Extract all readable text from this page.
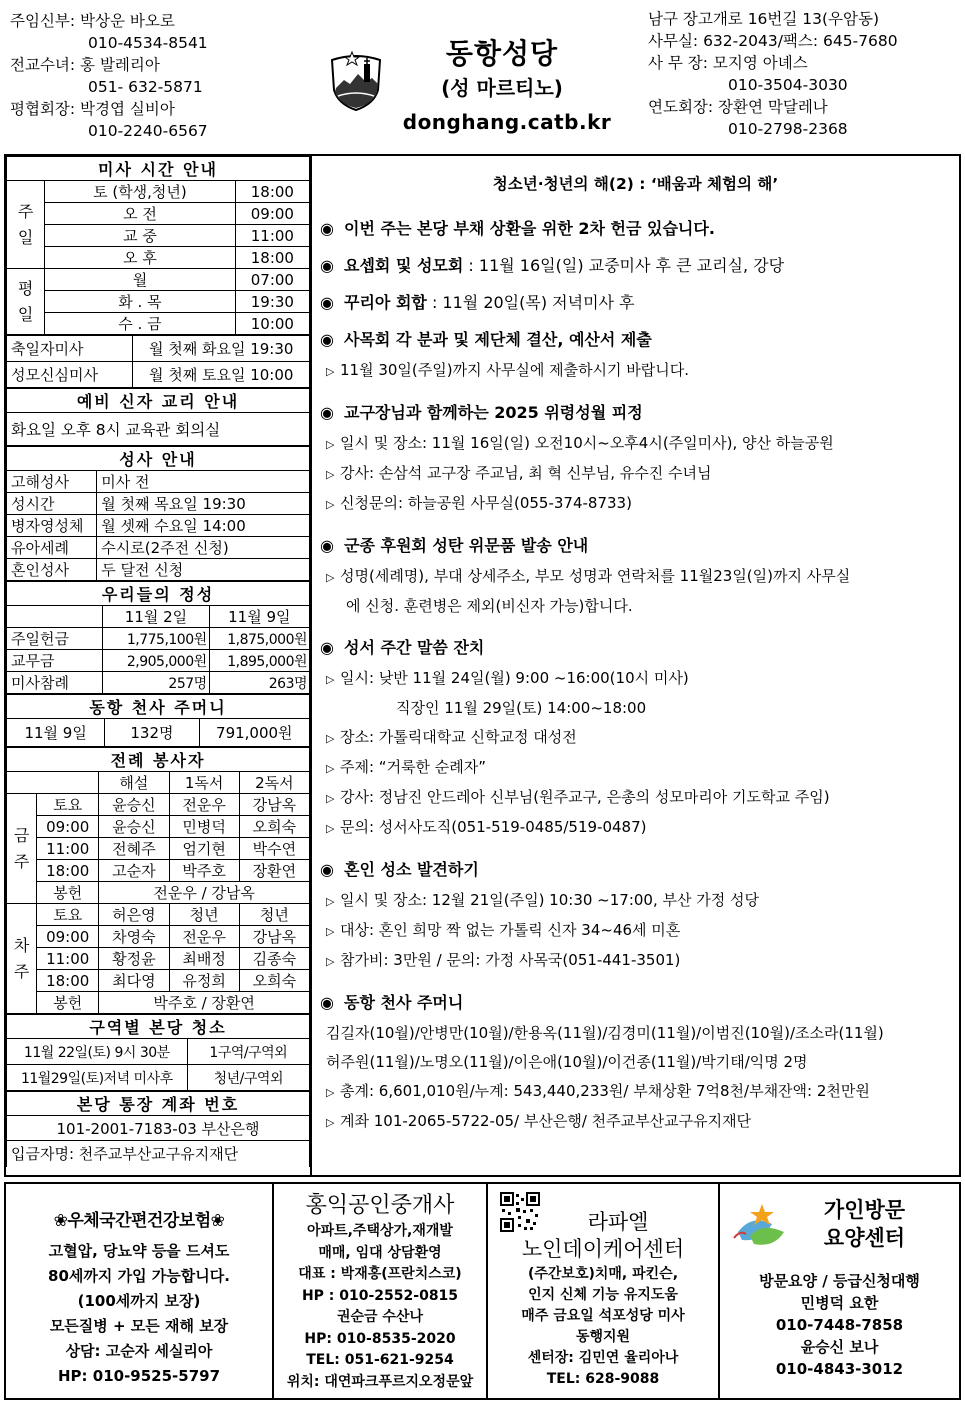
주임신부: 박상운 바오로
010-4534-8541
전교수녀: 홍 발레리아
051- 632-5871
평협회장: 박경엽 실비아
010-2240-6567
동항성당
(성 마르티노)
donghang.catb.kr
남구 장고개로 16번길 13(우암동)
사무실: 632-2043/팩스: 645-7680
사 무 장: 모지영 아녜스
010-3504-3030
연도회장: 장환연 막달레나
010-2798-2368
미사 시간 안내		
주
일	토 (학생,청년)	18:00
	오 전	09:00
	교 중	11:00
	오 후	18:00
평
일	월	07:00
	화 . 목	19:30
	수 . 금	10:00
축일자미사	월 첫째 화요일 19:30
성모신심미사	월 첫째 토요일 10:00
예비 신자 교리 안내
화요일 오후 8시 교육관 회의실
성사 안내	
고해성사	미사 전
성시간	월 첫째 목요일 19:30
병자영성체	월 셋째 수요일 14:00
유아세례	수시로(2주전 신청)
혼인성사	두 달전 신청
우리들의 정성		
	11월 2일	11월 9일
주일헌금	1,775,100원	1,875,000원
교무금	2,905,000원	1,895,000원
미사참례	257명	263명
동항 천사 주머니
11월 9일	132명	791,000원
전례 봉사자				
		해설	1독서	2독서
금
주	토요	윤승신	전운우	강남옥
	09:00	윤승신	민병덕	오희숙
	11:00	전혜주	엄기현	박수연
	18:00	고순자	박주호	장환연
	봉헌	전운우 / 강남옥		
차
주	토요	허은영	청년	청년
	09:00	차영숙	전운우	강남옥
	11:00	황정윤	최배정	김종숙
	18:00	최다영	유정희	오희숙
	봉헌	박주호 / 장환연		
구역별 본당 청소	
11월 22일(토) 9시 30분	1구역/구역외
11월29일(토)저녁 미사후	청년/구역외
본당 통장 계좌 번호
101-2001-7183-03 부산은행
입금자명: 천주교부산교구유지재단
청소년·청년의 해(2) : ‘배움과 체험의 해’
◉ 이번 주는 본당 부채 상환을 위한 2차 헌금 있습니다.
◉ 요셉회 및 성모회 : 11월 16일(일) 교중미사 후 큰 교리실, 강당
◉ 꾸리아 회합 : 11월 20일(목) 저녁미사 후
◉ 사목회 각 분과 및 제단체 결산, 예산서 제출
▷ 11월 30일(주일)까지 사무실에 제출하시기 바랍니다.
◉ 교구장님과 함께하는 2025 위령성월 피정
▷ 일시 및 장소: 11월 16일(일) 오전10시~오후4시(주일미사), 양산 하늘공원
▷ 강사: 손삼석 교구장 주교님, 최 혁 신부님, 유수진 수녀님
▷ 신청문의: 하늘공원 사무실(055-374-8733)
◉ 군종 후원회 성탄 위문품 발송 안내
▷ 성명(세례명), 부대 상세주소, 부모 성명과 연락처를 11월23일(일)까지 사무실
에 신청. 훈련병은 제외(비신자 가능)합니다.
◉ 성서 주간 말씀 잔치
▷ 일시: 낮반 11월 24일(월) 9:00 ~16:00(10시 미사)
직장인 11월 29일(토) 14:00~18:00
▷ 장소: 가톨릭대학교 신학교정 대성전
▷ 주제: “거룩한 순례자”
▷ 강사: 정남진 안드레아 신부님(원주교구, 은총의 성모마리아 기도학교 주임)
▷ 문의: 성서사도직(051-519-0485/519-0487)
◉ 혼인 성소 발견하기
▷ 일시 및 장소: 12월 21일(주일) 10:30 ~17:00, 부산 가정 성당
▷ 대상: 혼인 희망 짝 없는 가톨릭 신자 34~46세 미혼
▷ 참가비: 3만원 / 문의: 가정 사목국(051-441-3501)
◉ 동항 천사 주머니
김길자(10월)/안병만(10월)/한용옥(11월)/김경미(11월)/이범진(10월)/조소라(11월)
허주원(11월)/노명오(11월)/이은애(10월)/이건종(11월)/박기태/익명 2명
▷ 총계: 6,601,010원/누계: 543,440,233원/ 부채상환 7억8천/부채잔액: 2천만원
▷ 계좌 101-2065-5722-05/ 부산은행/ 천주교부산교구유지재단
❀우체국간편건강보험❀
고혈압, 당뇨약 등을 드셔도
80세까지 가입 가능합니다.
(100세까지 보장)
모든질병 + 모든 재해 보장
상담: 고순자 세실리아
HP: 010-9525-5797
홍익공인중개사
아파트,주택상가,재개발
매매, 임대 상담환영
대표 : 박재홍(프란치스코)
HP : 010-2552-0815
권순금 수산나
HP: 010-8535-2020
TEL: 051-621-9254
위치: 대연파크푸르지오정문앞
라파엘
노인데이케어센터
(주간보호)치매, 파킨슨,
인지 신체 기능 유지도움
매주 금요일 석포성당 미사
동행지원
센터장: 김민연 율리아나
TEL: 628-9088
가인방문
요양센터
방문요양 / 등급신청대행
민병덕 요한
010-7448-7858
윤승신 보나
010-4843-3012
